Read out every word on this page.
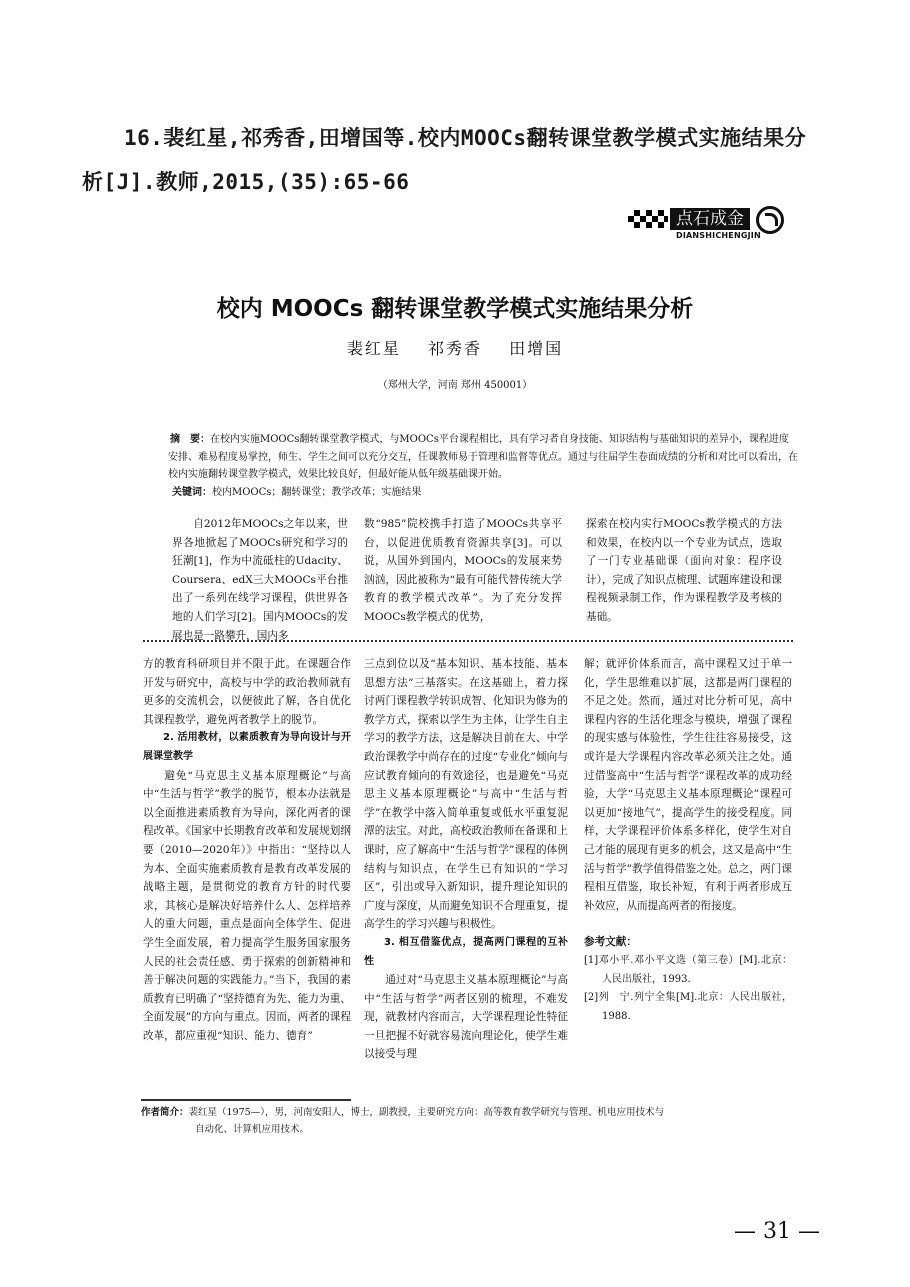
16.裴红星,祁秀香,田增国等.校内MOOCs翻转课堂教学模式实施结果分
析[J].教师,2015,(35):65-66
点石成金
DIANSHICHENGJIN
校内 MOOCs 翻转课堂教学模式实施结果分析
裴红星 祁秀香 田增国
（郑州大学，河南 郑州 450001）

摘　要：在校内实施MOOCs翻转课堂教学模式，与MOOCs平台课程相比，具有学习者自身技能、知识结构与基础知识的差异小，课程进度安排、难易程度易掌控，师生、学生之间可以充分交互，任课教师易于管理和监督等优点。通过与往届学生卷面成绩的分析和对比可以看出，在校内实施翻转课堂教学模式，效果比较良好，但最好能从低年级基础课开始。

关键词：校内MOOCs；翻转课堂；教学改革；实施结果

自2012年MOOCs之年以来，世界各地掀起了MOOCs研究和学习的狂潮[1]，作为中流砥柱的Udacity、Coursera、edX三大MOOCs平台推出了一系列在线学习课程，供世界各地的人们学习[2]。国内MOOCs的发展也是一路攀升，国内多

数“985”院校携手打造了MOOCs共享平台，以促进优质教育资源共享[3]。可以说，从国外到国内，MOOCs的发展来势汹汹，因此被称为“最有可能代替传统大学教育的教学模式改革”。为了充分发挥MOOCs教学模式的优势，

探索在校内实行MOOCs教学模式的方法和效果，在校内以一个专业为试点，选取了一门专业基础课（面向对象：程序设计），完成了知识点梳理、试题库建设和课程视频录制工作，作为课程教学及考核的基础。

方的教育科研项目并不限于此。在课题合作开发与研究中，高校与中学的政治教师就有更多的交流机会，以便彼此了解，各自优化其课程教学，避免两者教学上的脱节。

2. 活用教材，以素质教育为导向设计与开展课堂教学

避免“马克思主义基本原理概论”与高中“生活与哲学”教学的脱节，根本办法就是以全面推进素质教育为导向，深化两者的课程改革。《国家中长期教育改革和发展规划纲要（2010—2020年）》中指出：“坚持以人为本、全面实施素质教育是教育改革发展的战略主题，是贯彻党的教育方针的时代要求，其核心是解决好培养什么人、怎样培养人的重大问题，重点是面向全体学生、促进学生全面发展，着力提高学生服务国家服务人民的社会责任感、勇于探索的创新精神和善于解决问题的实践能力。”当下，我国的素质教育已明确了“坚持德育为先、能力为重、全面发展”的方向与重点。因而，两者的课程改革，都应重视“知识、能力、德育”

三点到位以及“基本知识、基本技能、基本思想方法”三基落实。在这基础上，着力探讨两门课程教学转识成智、化知识为修为的教学方式，探索以学生为主体，让学生自主学习的教学方法，这是解决目前在大、中学政治课教学中尚存在的过度“专业化”倾向与应试教育倾向的有效途径，也是避免“马克思主义基本原理概论”与高中“生活与哲学”在教学中落入简单重复或低水平重复泥潭的法宝。对此，高校政治教师在备课和上课时，应了解高中“生活与哲学”课程的体例结构与知识点，在学生已有知识的“学习区”，引出或导入新知识，提升理论知识的广度与深度，从而避免知识不合理重复，提高学生的学习兴趣与积极性。

3. 相互借鉴优点，提高两门课程的互补性

通过对“马克思主义基本原理概论”与高中“生活与哲学”两者区别的梳理，不难发现，就教材内容而言，大学课程理论性特征一旦把握不好就容易流向理论化，使学生难以接受与理

解；就评价体系而言，高中课程又过于单一化，学生思维难以扩展，这都是两门课程的不足之处。然而，通过对比分析可见，高中课程内容的生活化理念与模块，增强了课程的现实感与体验性，学生往往容易接受，这或许是大学课程内容改革必须关注之处。通过借鉴高中“生活与哲学”课程改革的成功经验，大学“马克思主义基本原理概论”课程可以更加“接地气”，提高学生的接受程度。同样，大学课程评价体系多样化，使学生对自己才能的展现有更多的机会，这又是高中“生活与哲学”教学值得借鉴之处。总之，两门课程相互借鉴，取长补短，有利于两者形成互补效应，从而提高两者的衔接度。

参考文献：

[1]邓小平.邓小平文选（第三卷）[M].北京：人民出版社，1993.

[2]列　宁.列宁全集[M].北京：人民出版社，1988.

作者简介：裴红星（1975—），男，河南安阳人，博士，副教授，主要研究方向：高等教育教学研究与管理、机电应用技术与
自动化、计算机应用技术。
— 31 —
